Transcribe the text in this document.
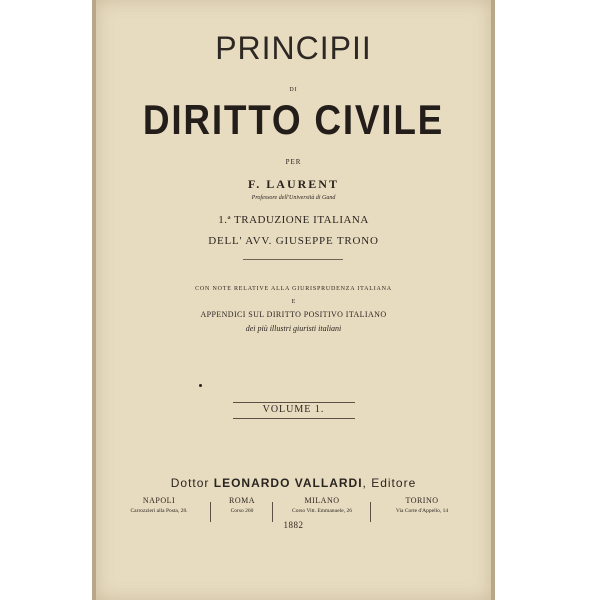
PRINCIPII
DI
DIRITTO CIVILE
PER
F. LAURENT
Professore dell'Università di Gand
1.ª TRADUZIONE ITALIANA
DELL' AVV. GIUSEPPE TRONO
CON NOTE RELATIVE ALLA GIURISPRUDENZA ITALIANA
E
APPENDICI SUL DIRITTO POSITIVO ITALIANO
dei più illustri giuristi italiani
VOLUME 1.
Dottor LEONARDO VALLARDI, Editore
NAPOLI
Carrozzieri alla Posta, 28.
ROMA
Corso 260
MILANO
Corso Vitt. Emmanuele, 26
TORINO
Via Corte d'Appello, 14
1882
